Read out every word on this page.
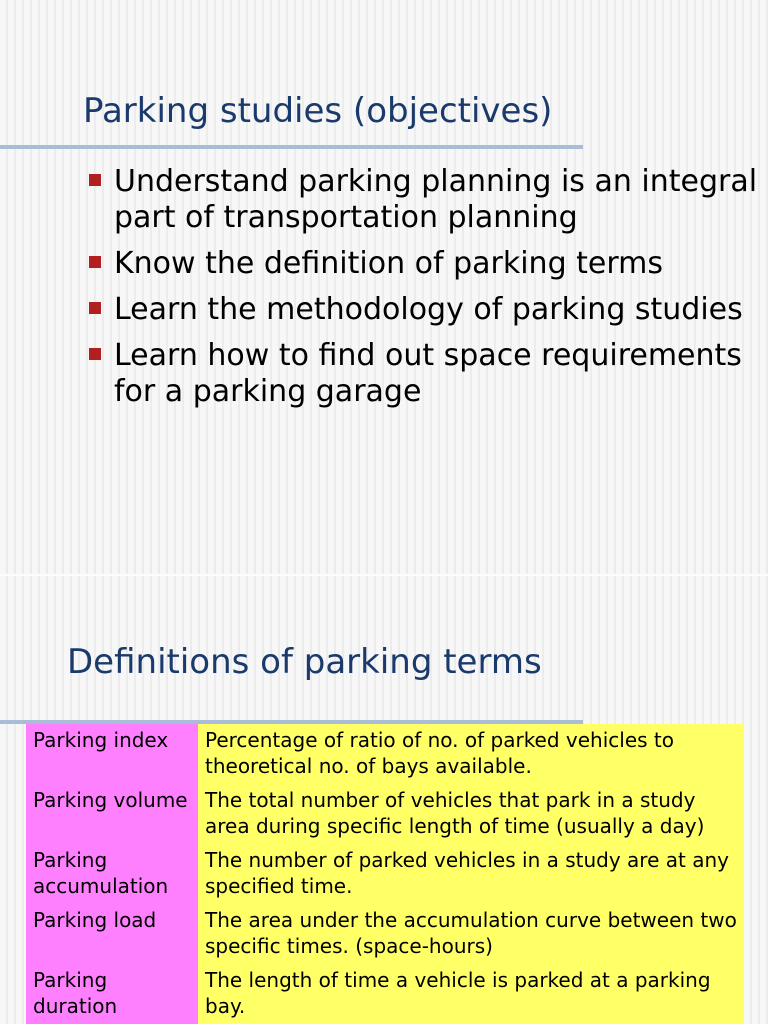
Parking studies (objectives)
Understand parking planning is an integral part of transportation planning
Know the definition of parking terms
Learn the methodology of parking studies
Learn how to find out space requirements for a parking garage
Definitions of parking terms
Parking index	Percentage of ratio of no. of parked vehicles to theoretical no. of bays available.
Parking volume	The total number of vehicles that park in a study area during specific length of time (usually a day)
Parking accumulation	The number of parked vehicles in a study are at any specified time.
Parking load	The area under the accumulation curve between two specific times. (space-hours)
Parking duration	The length of time a vehicle is parked at a parking bay.
